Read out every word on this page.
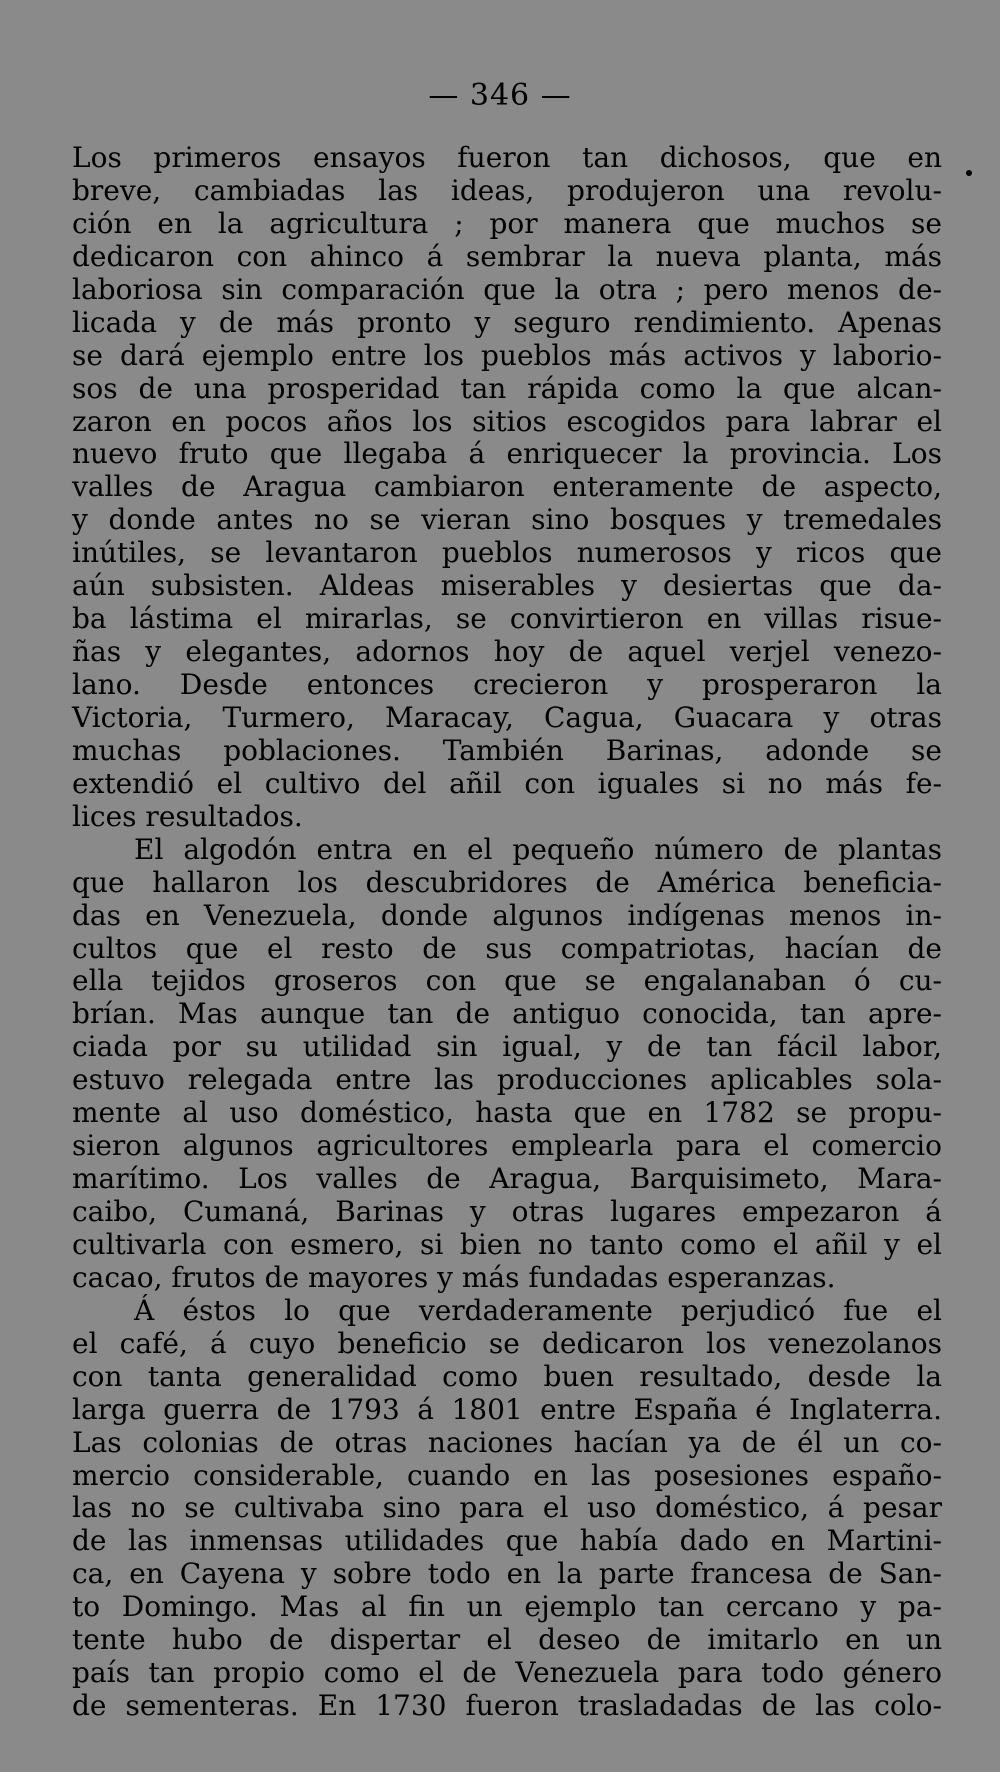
— 346 —
Los primeros ensayos fueron tan dichosos, que en
breve, cambiadas las ideas, produjeron una revolu-
ción en la agricultura ; por manera que muchos se
dedicaron con ahinco á sembrar la nueva planta, más
laboriosa sin comparación que la otra ; pero menos de-
licada y de más pronto y seguro rendimiento. Apenas
se dará ejemplo entre los pueblos más activos y laborio-
sos de una prosperidad tan rápida como la que alcan-
zaron en pocos años los sitios escogidos para labrar el
nuevo fruto que llegaba á enriquecer la provincia. Los
valles de Aragua cambiaron enteramente de aspecto,
y donde antes no se vieran sino bosques y tremedales
inútiles, se levantaron pueblos numerosos y ricos que
aún subsisten. Aldeas miserables y desiertas que da-
ba lástima el mirarlas, se convirtieron en villas risue-
ñas y elegantes, adornos hoy de aquel verjel venezo-
lano. Desde entonces crecieron y prosperaron la
Victoria, Turmero, Maracay, Cagua, Guacara y otras
muchas poblaciones. También Barinas, adonde se
extendió el cultivo del añil con iguales si no más fe-
lices resultados.
El algodón entra en el pequeño número de plantas
que hallaron los descubridores de América beneficia-
das en Venezuela, donde algunos indígenas menos in-
cultos que el resto de sus compatriotas, hacían de
ella tejidos groseros con que se engalanaban ó cu-
brían. Mas aunque tan de antiguo conocida, tan apre-
ciada por su utilidad sin igual, y de tan fácil labor,
estuvo relegada entre las producciones aplicables sola-
mente al uso doméstico, hasta que en 1782 se propu-
sieron algunos agricultores emplearla para el comercio
marítimo. Los valles de Aragua, Barquisimeto, Mara-
caibo, Cumaná, Barinas y otras lugares empezaron á
cultivarla con esmero, si bien no tanto como el añil y el
cacao, frutos de mayores y más fundadas esperanzas.
Á éstos lo que verdaderamente perjudicó fue el
el café, á cuyo beneficio se dedicaron los venezolanos
con tanta generalidad como buen resultado, desde la
larga guerra de 1793 á 1801 entre España é Inglaterra.
Las colonias de otras naciones hacían ya de él un co-
mercio considerable, cuando en las posesiones españo-
las no se cultivaba sino para el uso doméstico, á pesar
de las inmensas utilidades que había dado en Martini-
ca, en Cayena y sobre todo en la parte francesa de San-
to Domingo. Mas al fin un ejemplo tan cercano y pa-
tente hubo de dispertar el deseo de imitarlo en un
país tan propio como el de Venezuela para todo género
de sementeras. En 1730 fueron trasladadas de las colo-
